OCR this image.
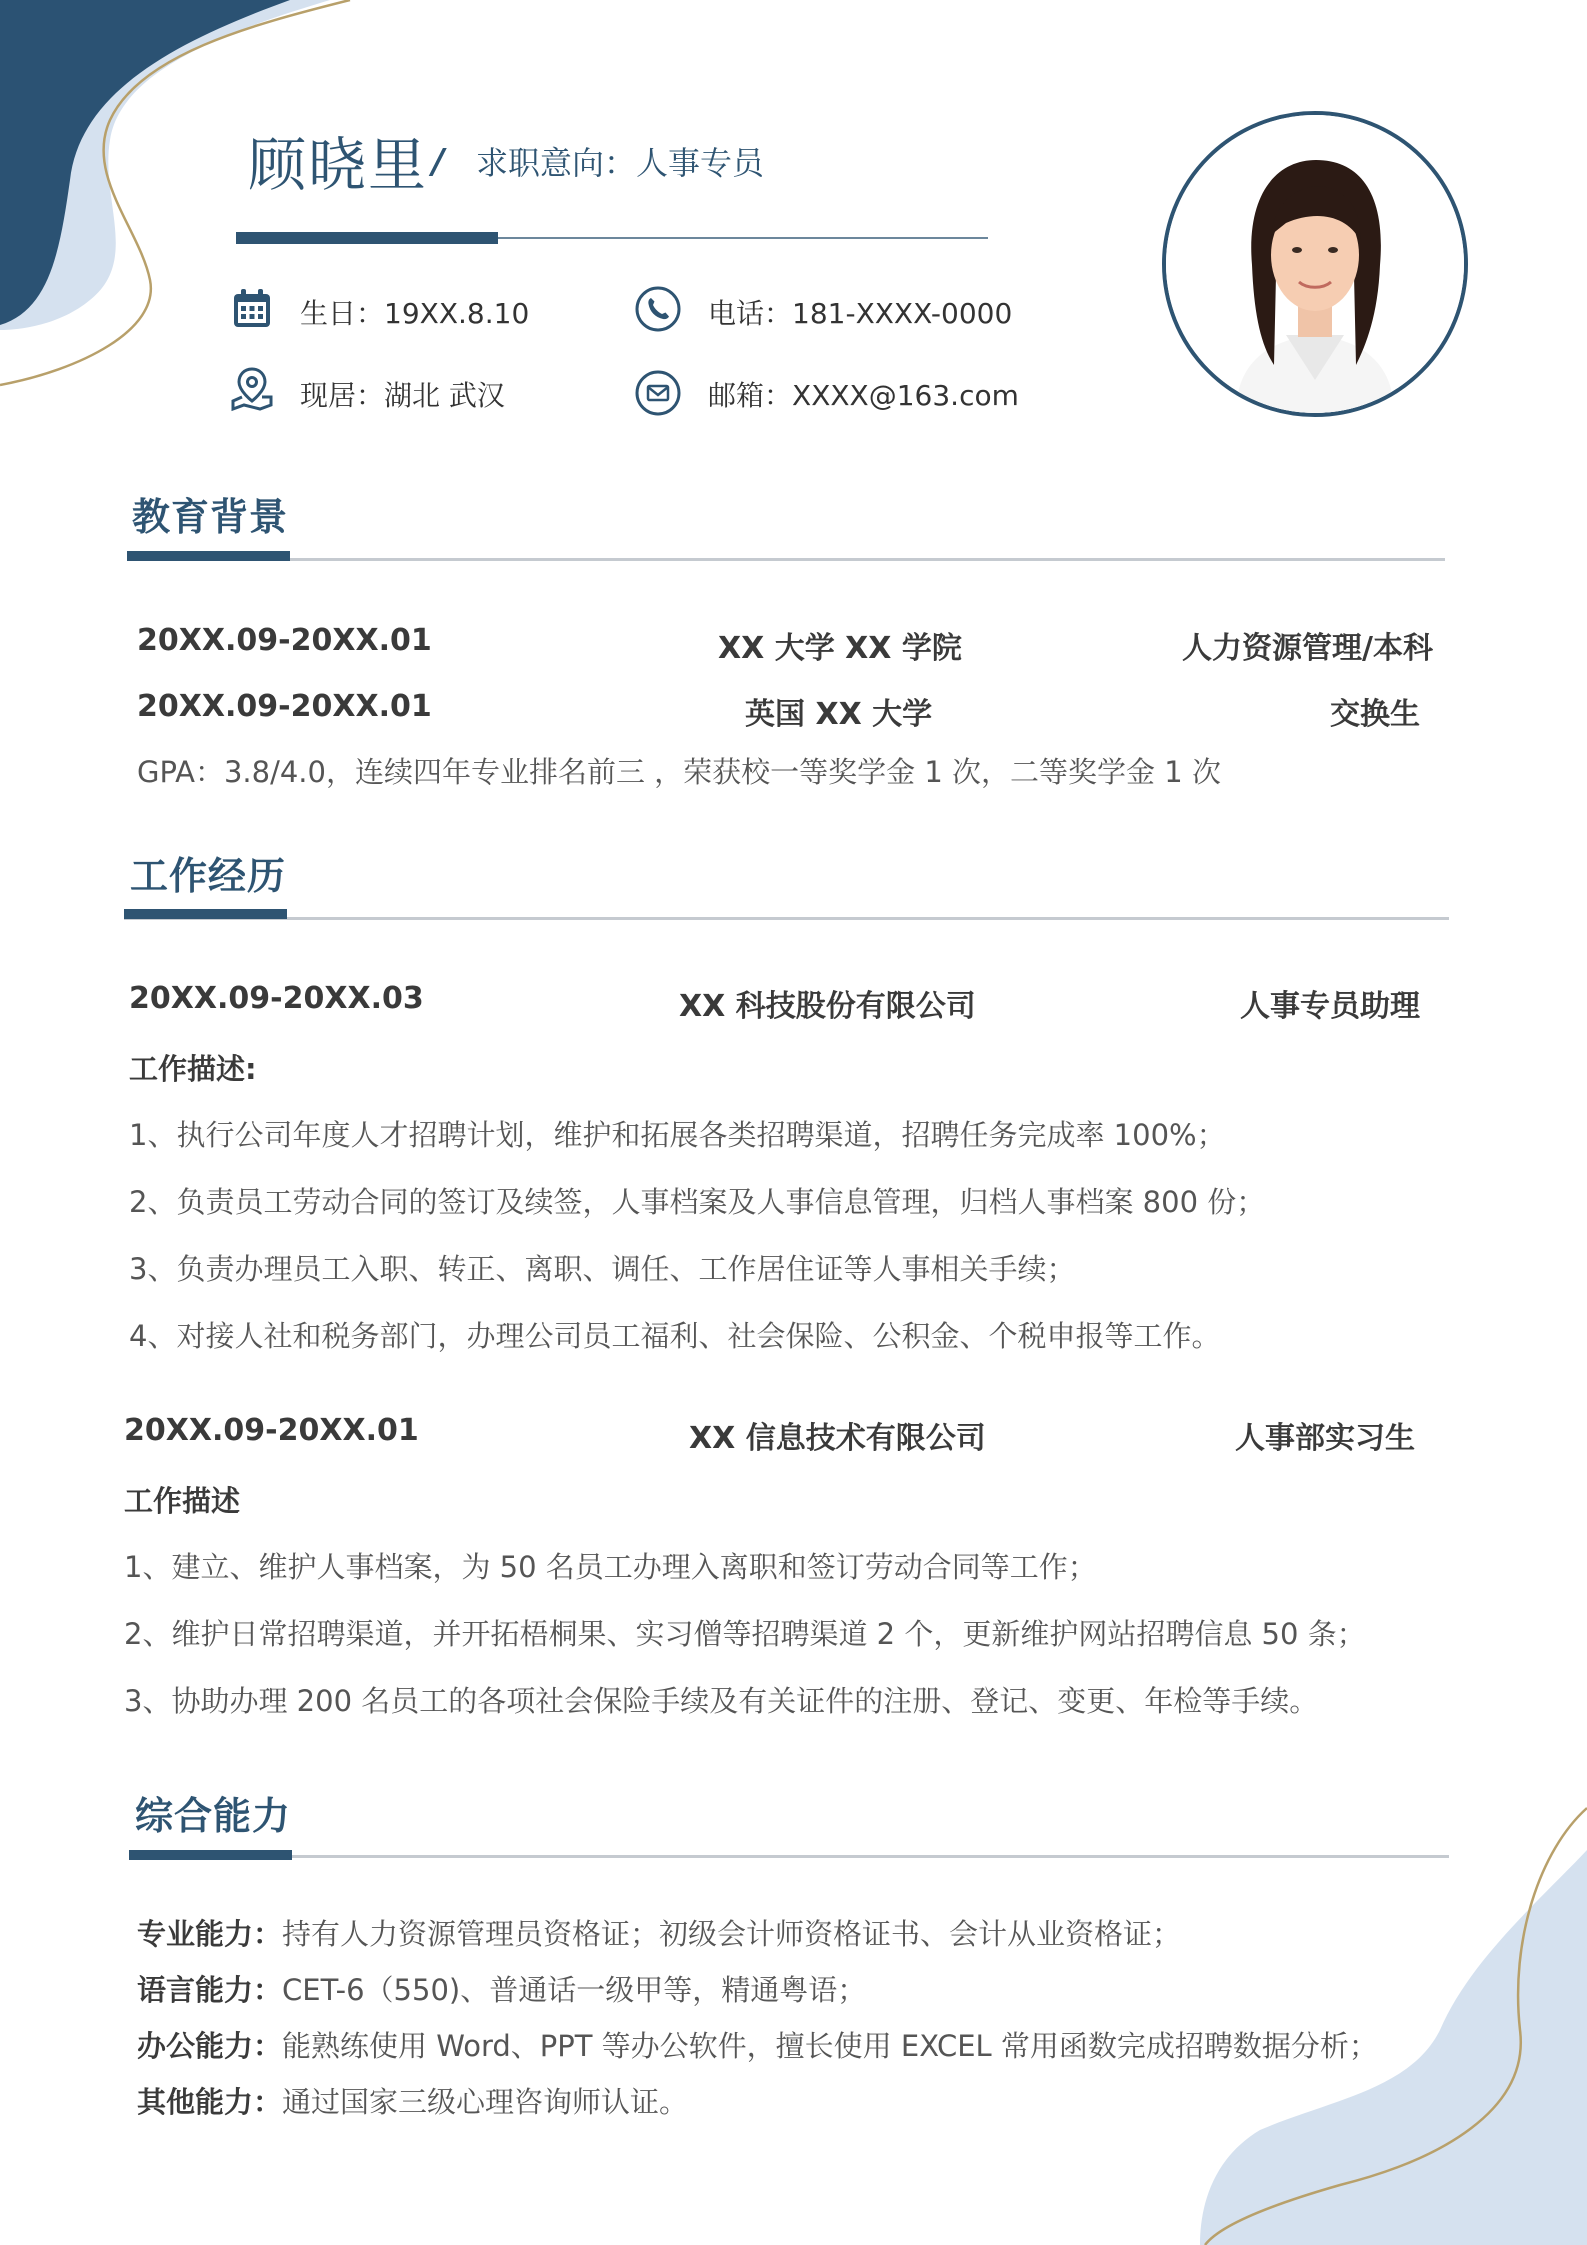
顾晓里 / 求职意向：人事专员
生日：19XX.8.10	电话：181-XXXX-0000
现居：湖北 武汉	邮箱：XXXX@163.com
教育背景
20XX.09-20XX.01	XX 大学 XX 学院	人力资源管理/本科
20XX.09-20XX.01	英国 XX 大学	交换生
GPA：3.8/4.0，连续四年专业排名前三 ，荣获校一等奖学金 1 次，二等奖学金 1 次
工作经历
20XX.09-20XX.03	XX 科技股份有限公司	人事专员助理
工作描述:
1、执行公司年度人才招聘计划，维护和拓展各类招聘渠道，招聘任务完成率 100%；
2、负责员工劳动合同的签订及续签，人事档案及人事信息管理，归档人事档案 800 份；
3、负责办理员工入职、转正、离职、调任、工作居住证等人事相关手续；
4、对接人社和税务部门，办理公司员工福利、社会保险、公积金、个税申报等工作。
20XX.09-20XX.01	XX 信息技术有限公司	人事部实习生
工作描述
1、建立、维护人事档案，为 50 名员工办理入离职和签订劳动合同等工作；
2、维护日常招聘渠道，并开拓梧桐果、实习僧等招聘渠道 2 个，更新维护网站招聘信息 50 条；
3、协助办理 200 名员工的各项社会保险手续及有关证件的注册、登记、变更、年检等手续。
综合能力
专业能力：持有人力资源管理员资格证；初级会计师资格证书、会计从业资格证；
语言能力：CET-6（550)、普通话一级甲等，精通粤语；
办公能力：能熟练使用 Word、PPT 等办公软件，擅长使用 EXCEL 常用函数完成招聘数据分析；
其他能力：通过国家三级心理咨询师认证。
